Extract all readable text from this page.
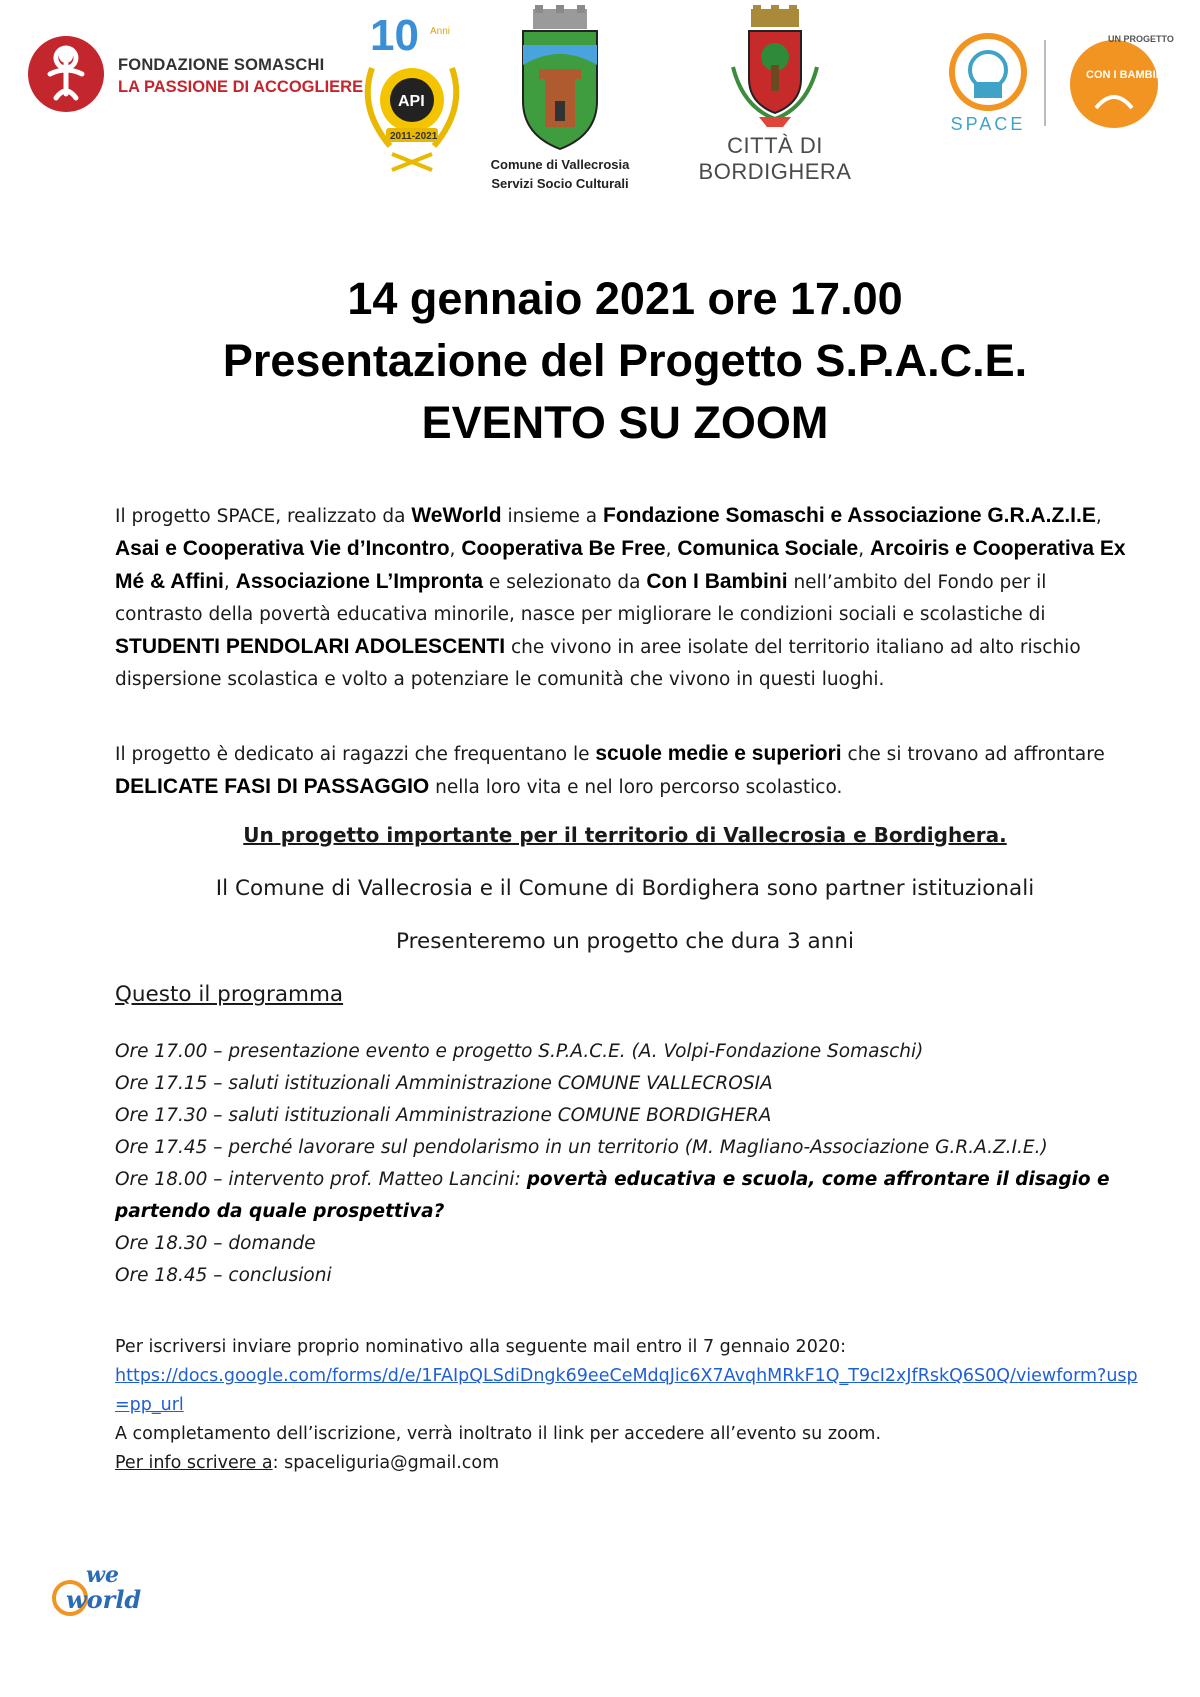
FONDAZIONE SOMASCHI
LA PASSIONE DI ACCOGLIERE
10 Anni
API
2011-2021
Comune di Vallecrosia
Servizi Socio Culturali
CITTÀ DI BORDIGHERA
SPACE
UN PROGETTO
CON I BAMBINI
14 gennaio 2021 ore 17.00
Presentazione del Progetto S.P.A.C.E.
EVENTO SU ZOOM
Il progetto SPACE, realizzato da WeWorld insieme a Fondazione Somaschi e Associazione G.R.A.Z.I.E, Asai e Cooperativa Vie d’Incontro, Cooperativa Be Free, Comunica Sociale, Arcoiris e Cooperativa Ex Mé & Affini, Associazione L’Impronta e selezionato da Con I Bambini nell’ambito del Fondo per il contrasto della povertà educativa minorile, nasce per migliorare le condizioni sociali e scolastiche di STUDENTI PENDOLARI ADOLESCENTI che vivono in aree isolate del territorio italiano ad alto rischio dispersione scolastica e volto a potenziare le comunità che vivono in questi luoghi.
Il progetto è dedicato ai ragazzi che frequentano le scuole medie e superiori che si trovano ad affrontare DELICATE FASI DI PASSAGGIO nella loro vita e nel loro percorso scolastico.
Un progetto importante per il territorio di Vallecrosia e Bordighera.
Il Comune di Vallecrosia e il Comune di Bordighera sono partner istituzionali
Presenteremo un progetto che dura 3 anni
Questo il programma
Ore 17.00 – presentazione evento e progetto S.P.A.C.E. (A. Volpi-Fondazione Somaschi)
Ore 17.15 – saluti istituzionali Amministrazione COMUNE VALLECROSIA
Ore 17.30 – saluti istituzionali Amministrazione COMUNE BORDIGHERA
Ore 17.45 – perché lavorare sul pendolarismo in un territorio (M. Magliano-Associazione G.R.A.Z.I.E.)
Ore 18.00 – intervento prof. Matteo Lancini: povertà educativa e scuola, come affrontare il disagio e partendo da quale prospettiva?
Ore 18.30 – domande
Ore 18.45 – conclusioni
Per iscriversi inviare proprio nominativo alla seguente mail entro il 7 gennaio 2020:
https://docs.google.com/forms/d/e/1FAIpQLSdiDngk69eeCeMdqJic6X7AvqhMRkF1Q_T9cI2xJfRskQ6S0Q/viewform?usp=pp_url
A completamento dell’iscrizione, verrà inoltrato il link per accedere all’evento su zoom.
Per info scrivere a: spaceliguria@gmail.com
we
world
